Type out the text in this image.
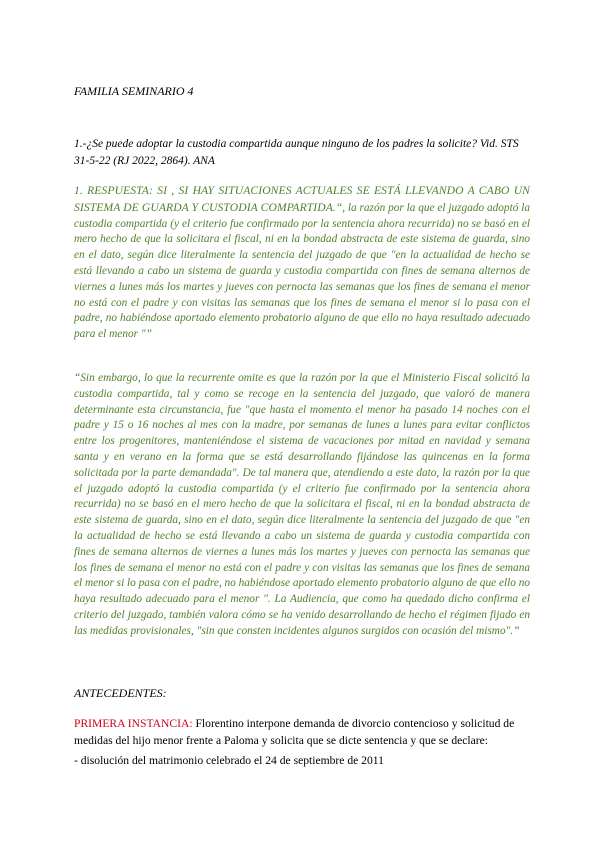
FAMILIA SEMINARIO 4
1.-¿Se puede adoptar la custodia compartida aunque ninguno de los padres la solicite? Vid. STS 31-5-22 (RJ 2022, 2864). ANA
1. RESPUESTA: SI , SI HAY SITUACIONES ACTUALES SE ESTÁ LLEVANDO A CABO UN SISTEMA DE GUARDA Y CUSTODIA COMPARTIDA.“, la razón por la que el juzgado adoptó la custodia compartida (y el criterio fue confirmado por la sentencia ahora recurrida) no se basó en el mero hecho de que la solicitara el fiscal, ni en la bondad abstracta de este sistema de guarda, sino en el dato, según dice literalmente la sentencia del juzgado de que "en la actualidad de hecho se está llevando a cabo un sistema de guarda y custodia compartida con fines de semana alternos de viernes a lunes más los martes y jueves con pernocta las semanas que los fines de semana el menor no está con el padre y con visitas las semanas que los fines de semana el menor si lo pasa con el padre, no habiéndose aportado elemento probatorio alguno de que ello no haya resultado adecuado para el menor "”
“Sin embargo, lo que la recurrente omite es que la razón por la que el Ministerio Fiscal solicitó la custodia compartida, tal y como se recoge en la sentencia del juzgado, que valoró de manera determinante esta circunstancia, fue "que hasta el momento el menor ha pasado 14 noches con el padre y 15 o 16 noches al mes con la madre, por semanas de lunes a lunes para evitar conflictos entre los progenitores, manteniéndose el sistema de vacaciones por mitad en navidad y semana santa y en verano en la forma que se está desarrollando fijándose las quincenas en la forma solicitada por la parte demandada". De tal manera que, atendiendo a este dato, la razón por la que el juzgado adoptó la custodia compartida (y el criterio fue confirmado por la sentencia ahora recurrida) no se basó en el mero hecho de que la solicitara el fiscal, ni en la bondad abstracta de este sistema de guarda, sino en el dato, según dice literalmente la sentencia del juzgado de que "en la actualidad de hecho se está llevando a cabo un sistema de guarda y custodia compartida con fines de semana alternos de viernes a lunes más los martes y jueves con pernocta las semanas que los fines de semana el menor no está con el padre y con visitas las semanas que los fines de semana el menor si lo pasa con el padre, no habiéndose aportado elemento probatorio alguno de que ello no haya resultado adecuado para el menor ". La Audiencia, que como ha quedado dicho confirma el criterio del juzgado, también valora cómo se ha venido desarrollando de hecho el régimen fijado en las medidas provisionales, "sin que consten incidentes algunos surgidos con ocasión del mismo".”
ANTECEDENTES:
PRIMERA INSTANCIA: Florentino interpone demanda de divorcio contencioso y solicitud de medidas del hijo menor frente a Paloma y solicita que se dicte sentencia y que se declare:
- disolución del matrimonio celebrado el 24 de septiembre de 2011
